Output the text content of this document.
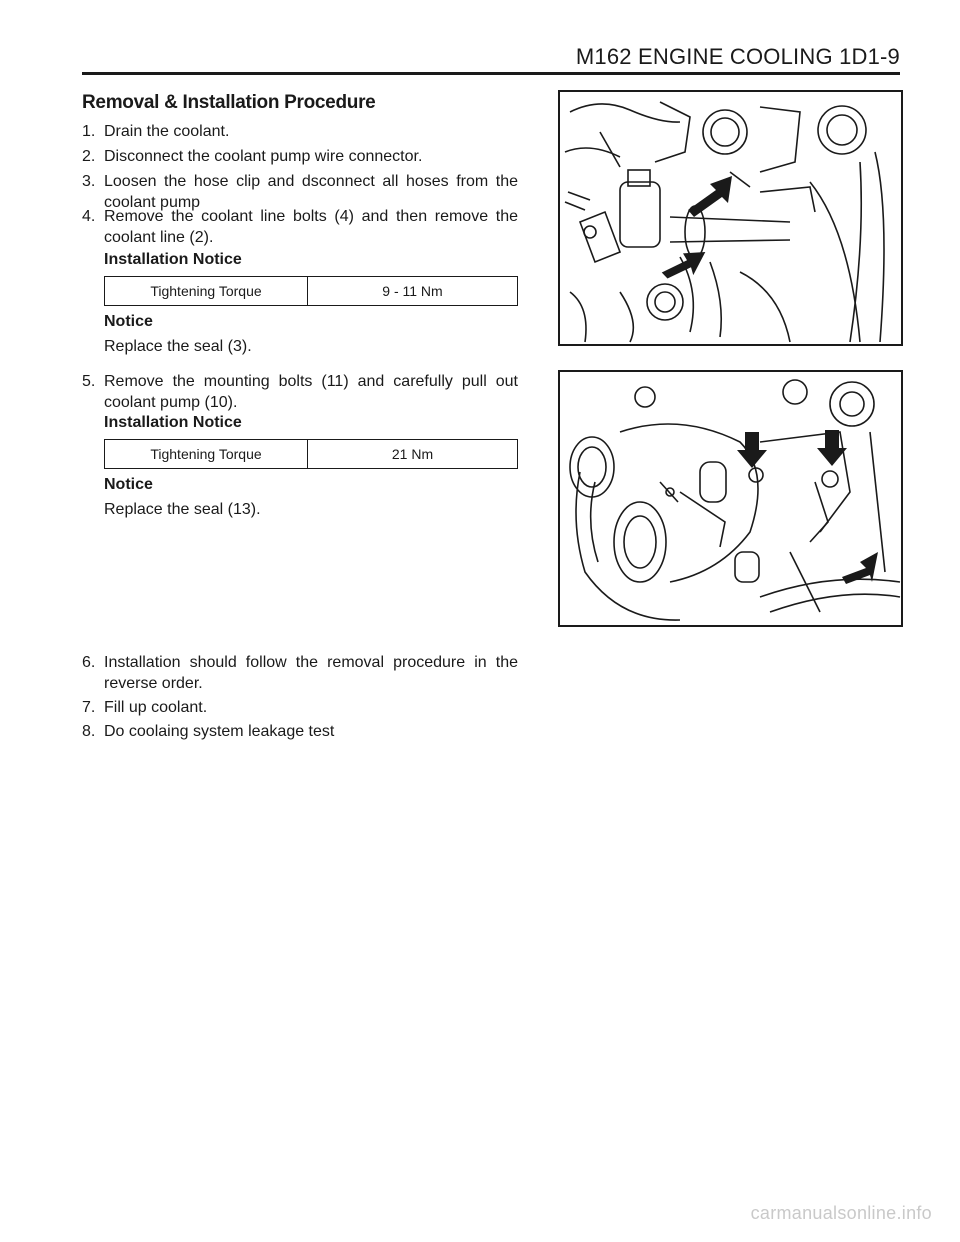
M162 ENGINE COOLING 1D1-9
Removal & Installation Procedure
1. Drain the coolant.
2. Disconnect the coolant pump wire connector.
3. Loosen the hose clip and dsconnect all hoses from the coolant pump
4. Remove the coolant line bolts (4) and then remove the coolant line (2).
Installation Notice
Tightening Torque	9 - 11 Nm
Notice
Replace the seal (3).
5. Remove the mounting bolts (11) and carefully pull out coolant pump (10).
Installation Notice
Tightening Torque	21 Nm
Notice
Replace the seal (13).
6. Installation should follow the removal procedure in the reverse order.
7. Fill up coolant.
8. Do coolaing system leakage test
carmanualsonline.info
